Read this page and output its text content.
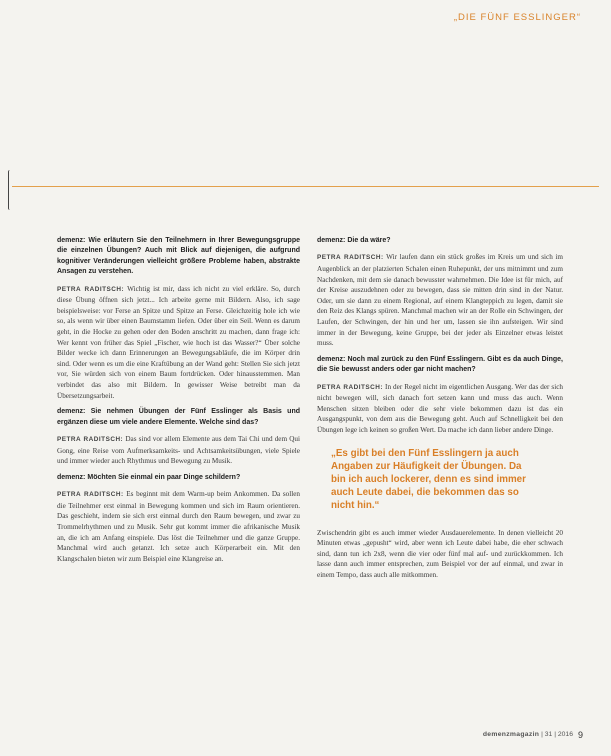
„DIE FÜNF ESSLINGER“

demenz: Wie erläutern Sie den Teilnehmern in Ihrer Bewegungsgruppe die einzelnen Übungen? Auch mit Blick auf diejenigen, die aufgrund kognitiver Veränderungen vielleicht größere Probleme haben, abstrakte Ansagen zu verstehen.

PETRA RADITSCH: Wichtig ist mir, dass ich nicht zu viel erkläre. So, durch diese Übung öffnen sich jetzt... Ich arbeite gerne mit Bildern. Also, ich sage beispielsweise: vor Ferse an Spitze und Spitze an Ferse. Gleichzeitig hole ich wie so, als wenn wir über einen Baumstamm liefen. Oder über ein Seil. Wenn es darum geht, in die Hocke zu gehen oder den Boden anschritt zu machen, dann frage ich: Wer kennt von früher das Spiel „Fischer, wie hoch ist das Wasser?“ Über solche Bilder wecke ich dann Erinnerungen an Bewegungsabläufe, die im Körper drin sind. Oder wenn es um die eine Kraftübung an der Wand geht: Stellen Sie sich jetzt vor, Sie würden sich von einem Baum fortdrücken. Oder hinausstemmen. Man verbindet das also mit Bildern. In gewisser Weise betreibt man da Übersetzungsarbeit.

demenz: Sie nehmen Übungen der Fünf Esslinger als Basis und ergänzen diese um viele andere Elemente. Welche sind das?

PETRA RADITSCH: Das sind vor allem Elemente aus dem Tai Chi und dem Qui Gong, eine Reise vom Aufmerksamkeits- und Achtsamkeitsübungen, viele Spiele und immer wieder auch Rhythmus und Bewegung zu Musik.

demenz: Möchten Sie einmal ein paar Dinge schildern?

PETRA RADITSCH: Es beginnt mit dem Warm-up beim Ankommen. Da sollen die Teilnehmer erst einmal in Bewegung kommen und sich im Raum orientieren. Das geschieht, indem sie sich erst einmal durch den Raum bewegen, und zwar zu Trommelrhythmen und zu Musik. Sehr gut kommt immer die afrikanische Musik an, die ich am Anfang einspiele. Das löst die Teilnehmer und die ganze Gruppe. Manchmal wird auch getanzt. Ich setze auch Körperarbeit ein. Mit den Klangschalen bieten wir zum Beispiel eine Klangreise an.

demenz: Die da wäre?

PETRA RADITSCH: Wir laufen dann ein stück großes im Kreis um und sich im Augenblick an der platzierten Schalen einen Ruhepunkt, der uns mitnimmt und zum Nachdenken, mit dem sie danach bewusster wahrnehmen. Die Idee ist für mich, auf der Kreise auszudehnen oder zu bewegen, dass sie mitten drin sind in der Natur. Oder, um sie dann zu einem Regional, auf einem Klangteppich zu legen, damit sie den Reiz des Klangs spüren. Manchmal machen wir an der Rolle ein Schwingen, der Laufen, der Schwingen, der hin und her um, lassen sie ihn aufsteigen. Wir sind immer in der Bewegung, keine Gruppe, bei der jeder als Einzelner etwas leistet muss.

demenz: Noch mal zurück zu den Fünf Esslingern. Gibt es da auch Dinge, die Sie bewusst anders oder gar nicht machen?

PETRA RADITSCH: In der Regel nicht im eigentlichen Ausgang. Wer das der sich nicht bewegen will, sich danach fort setzen kann und muss das auch. Wenn Menschen sitzen bleiben oder die sehr viele bekommen dazu ist das ein Ausgangspunkt, von dem aus die Bewegung geht. Auch auf Schnelligkeit bei den Übungen lege ich keinen so großen Wert. Da mache ich dann lieber andere Dinge.

„Es gibt bei den Fünf Esslingern ja auch
Angaben zur Häufigkeit der Übungen. Da
bin ich auch lockerer, denn es sind immer
auch Leute dabei, die bekommen das so
nicht hin.“

Zwischendrin gibt es auch immer wieder Ausdauerelemente. In denen vielleicht 20 Minuten etwas „gepusht“ wird, aber wenn ich Leute dabei habe, die eher schwach sind, dann tun ich 2x8, wenn die vier oder fünf mal auf- und zurückkommen. Ich lasse dann auch immer entsprechen, zum Beispiel vor der auf einmal, und zwar in einem Tempo, dass auch alle mitkommen.

demenzmagazin | 31 | 2016 9
